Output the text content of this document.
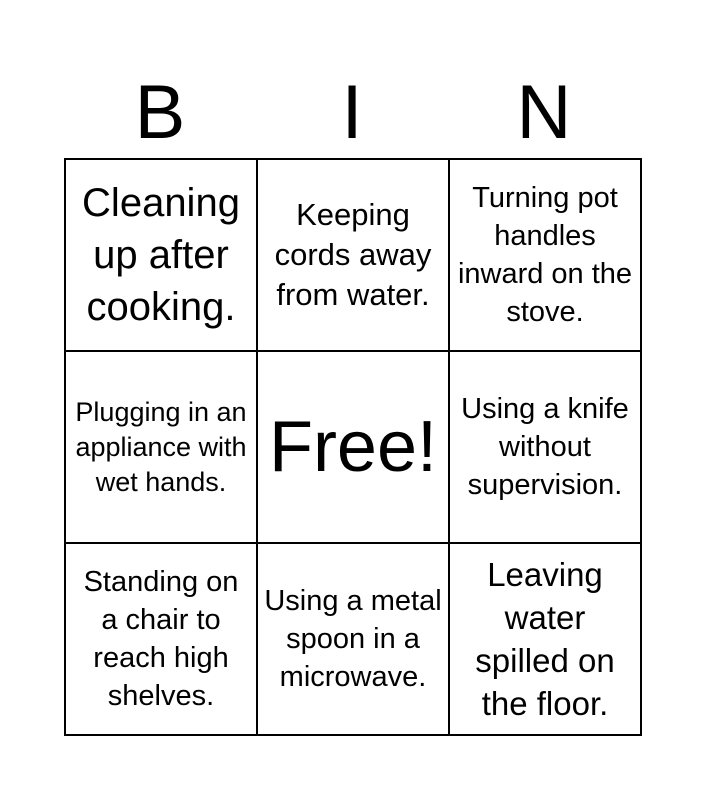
B	I	N
Cleaning up after cooking.
Keeping cords away from water.
Turning pot handles inward on the stove.
Plugging in an appliance with wet hands. Free! Using a knife without supervision.
Standing on a chair to reach high shelves.
Using a metal spoon in a microwave.
Leaving water spilled on the floor.
